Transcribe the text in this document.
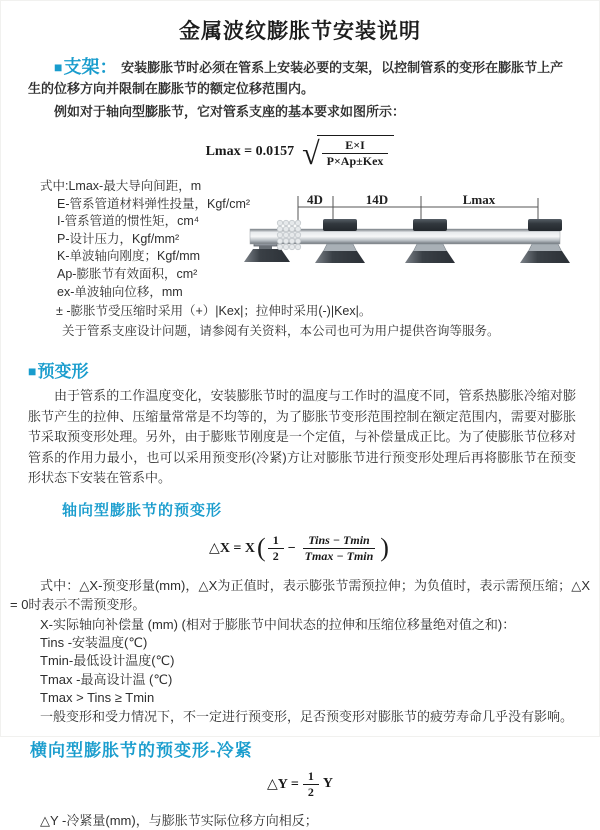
金属波纹膨胀节安装说明

■支架： 安装膨胀节时必须在管系上安装必要的支架，以控制管系的变形在膨胀节上产生的位移方向并限制在膨胀节的额定位移范围内。

例如对于轴向型膨胀节，它对管系支座的基本要求如图所示：

Lmax = 0.0157 √ $\frac{E\times I}{\text{P×Ap±Kex}}$
式中:Lmax-最大导向间距，m
E-管系管道材料弹性投量，Kgf/cm²
I-管系管道的惯性矩，cm⁴
P-设计压力，Kgf/mm²
K-单波轴向刚度；Kgf/mm
Ap-膨胀节有效面积，cm²
ex-单波轴向位移，mm

± -膨胀节受压缩时采用（+）|Kex|；拉伸时采用(-)|Kex|。

关于管系支座设计问题，请参阅有关资料，本公司也可为用户提供咨询等服务。

4D	14D	Lmax
■预变形

由于管系的工作温度变化，安装膨胀节时的温度与工作时的温度不同，管系热膨胀冷缩对膨胀节产生的拉伸、压缩量常常是不均等的，为了膨胀节变形范围控制在额定范围内，需要对膨胀节采取预变形处理。另外，由于膨账节刚度是一个定值，与补偿量成正比。为了使膨胀节位移对管系的作用力最小，也可以采用预变形(冷紧)方让对膨胀节进行预变形处理后再将膨胀节在预变形状态下安装在管系中。

轴向型膨胀节的预变形
△X = X ( $\frac{1}{2} - \frac{\text{Tins − Tmin}}{Tmax - Tmin}$ )

式中：△X-预变形量(mm)，△X为正值时，表示膨张节需预拉伸；为负值时，表示需预压缩；△X = 0时表示不需预变形。

X-实际轴向补偿量 (mm) (相对于膨胀节中间状态的拉伸和压缩位移量绝对值之和)：

Tins -安装温度(℃)

Tmin-最低设计温度(℃)

Tmax -最高设计温 (℃)

Tmax > Tins ≥ Tmin

一般变形和受力情况下，不一定进行预变形，足否预变形对膨胀节的疲劳寿命几乎没有影响。

横向型膨胀节的预变形-冷紧
△Y = $\frac{1}{2}$ Y

△Y -冷紧量(mm)，与膨胀节实际位移方向相反；
